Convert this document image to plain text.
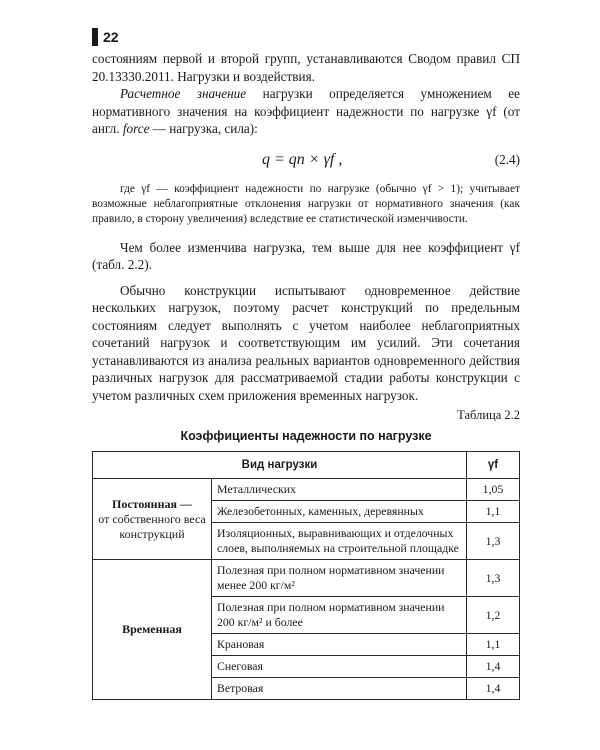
22

состояниям первой и второй групп, устанавливаются Сводом правил СП 20.13330.2011. Нагрузки и воздействия.

Расчетное значение нагрузки определяется умножением ее нормативного значения на коэффициент надежности по нагрузке γf (от англ. force — нагрузка, сила):

q = qn × γf ,	(2.4)

где γf — коэффициент надежности по нагрузке (обычно γf > 1); учитывает возможные неблагоприятные отклонения нагрузки от нормативного значения (как правило, в сторону увеличения) вследствие ее статистической изменчивости.

Чем более изменчива нагрузка, тем выше для нее коэффициент γf (табл. 2.2).

Обычно конструкции испытывают одновременное действие нескольких нагрузок, поэтому расчет конструкций по предельным состояниям следует выполнять с учетом наиболее неблагоприятных сочетаний нагрузок и соответствующим им усилий. Эти сочетания устанавливаются из анализа реальных вариантов одновременного действия различных нагрузок для рассматриваемой стадии работы конструкции с учетом различных схем приложения временных нагрузок.

Таблица 2.2
Коэффициенты надежности по нагрузке
Вид нагрузки		γf
Постоянная —
от собственного веса конструкций	Металлических	1,05
	Железобетонных, каменных, деревянных	1,1
	Изоляционных, выравнивающих и отделочных слоев, выполняемых на строительной площадке	1,3
Временная	Полезная при полном нормативном значении менее 200 кг/м²	1,3
	Полезная при полном нормативном значении 200 кг/м² и более	1,2
	Крановая	1,1
	Снеговая	1,4
	Ветровая	1,4
